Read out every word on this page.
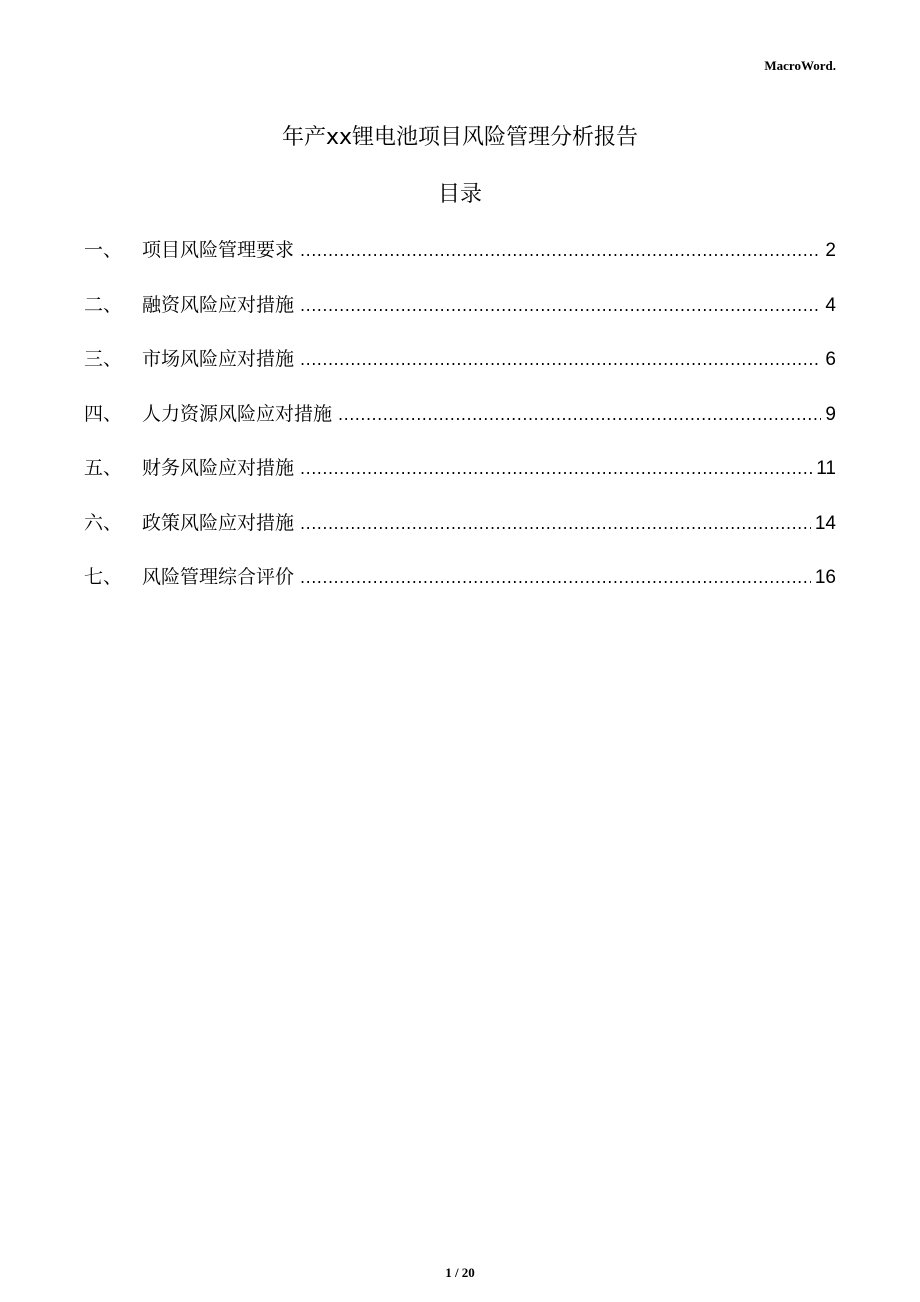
MacroWord.
年产xx锂电池项目风险管理分析报告
目录
一、	项目风险管理要求 .....	2
二、	融资风险应对措施 .....	4
三、	市场风险应对措施 .....	6
四、	人力资源风险应对措施 .....	9
五、	财务风险应对措施 .....	11
六、	政策风险应对措施 .....	14
七、	风险管理综合评价 .....	16
1 / 20
